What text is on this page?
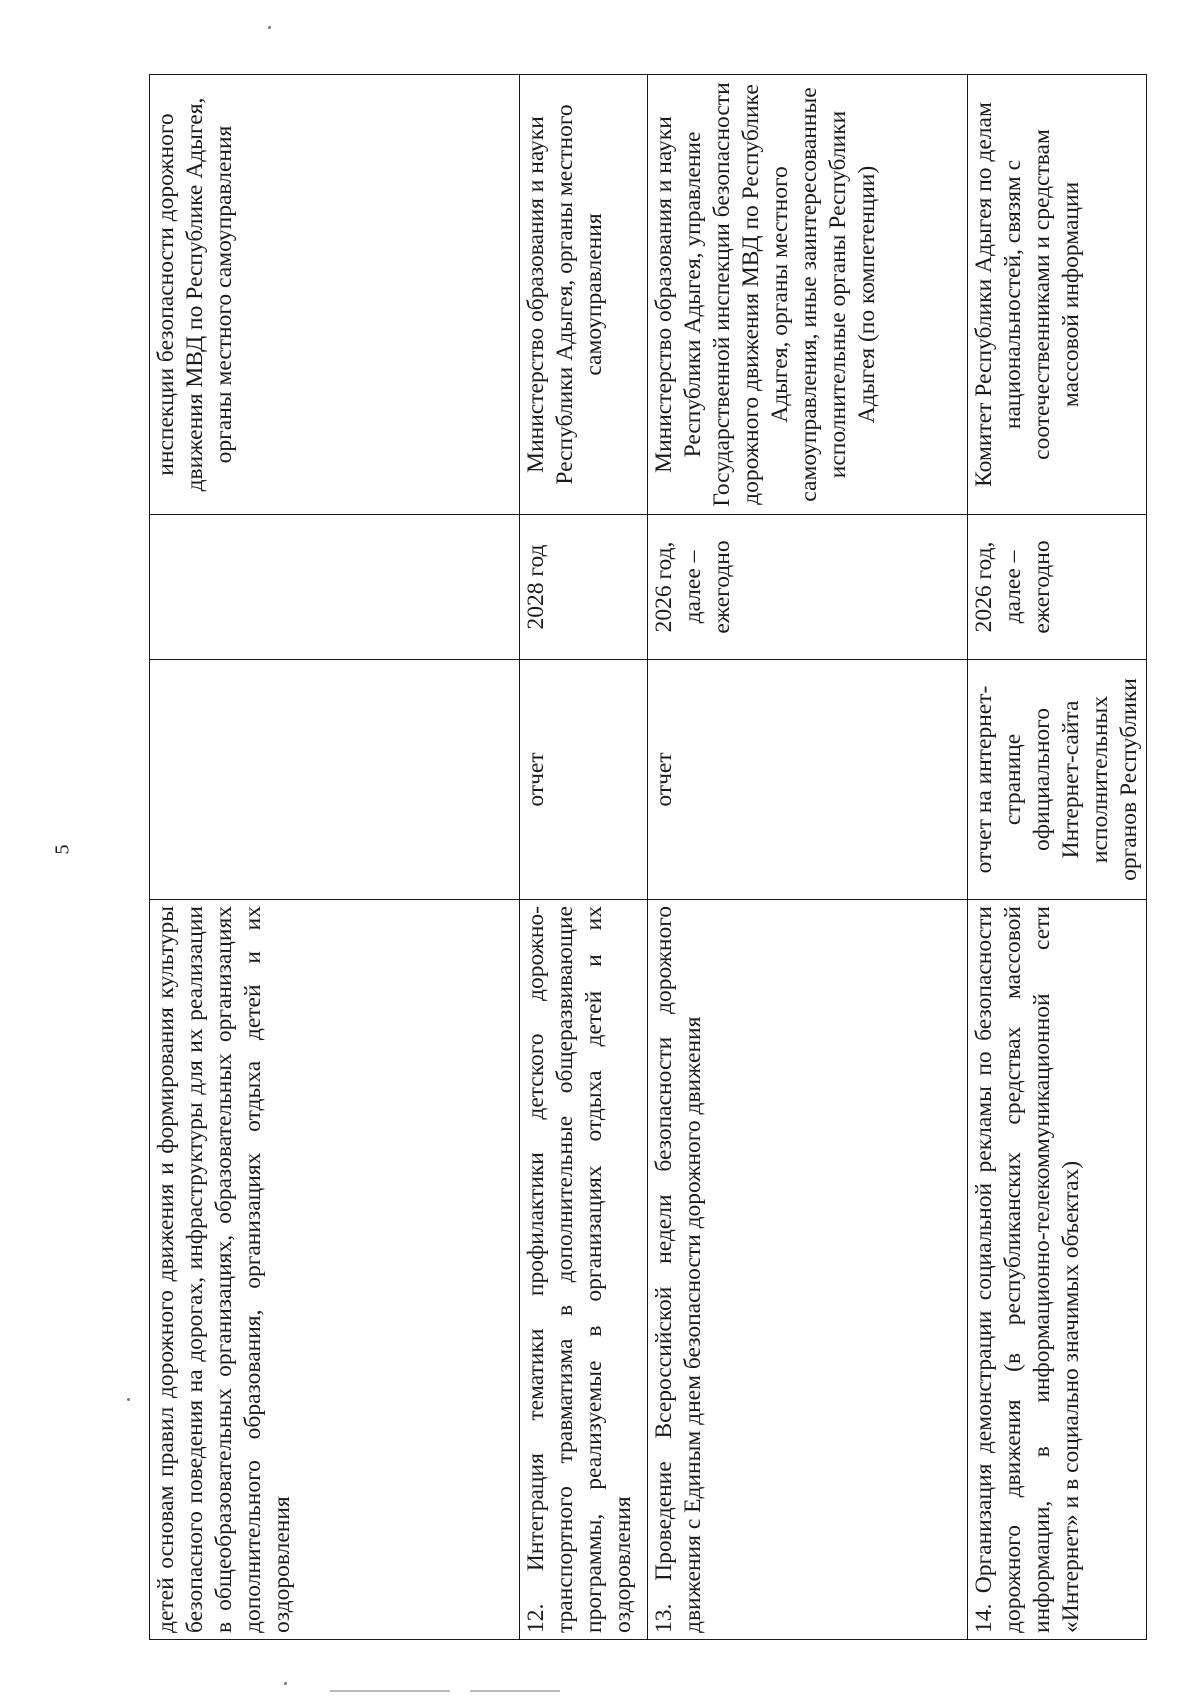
5
детей основам правил дорожного движения и формирования культуры безопасного поведения на дорогах, инфраструктуры для их реализации в общеобразовательных организациях, образовательных организациях дополнительного образования, организациях отдыха детей и их оздоровления			инспекции безопасности дорожного движения МВД по Республике Адыгея, органы местного самоуправления
12. Интеграция тематики профилактики детского дорожно-транспортного травматизма в дополнительные общеразвивающие программы, реализуемые в организациях отдыха детей и их оздоровления	отчет	2028 год	Министерство образования и науки Республики Адыгея, органы местного самоуправления
13. Проведение Всероссийской недели безопасности дорожного движения с Единым днем безопасности дорожного движения	отчет	2026 год, далее – ежегодно	Министерство образования и науки Республики Адыгея, управление Государственной инспекции безопасности дорожного движения МВД по Республике Адыгея, органы местного самоуправления, иные заинтересованные исполнительные органы Республики Адыгея (по компетенции)
14. Организация демонстрации социальной рекламы по безопасности дорожного движения (в республиканских средствах массовой информации, в информационно-телекоммуникационной сети «Интернет» и в социально значимых объектах)	отчет на интернет-странице официального Интернет-сайта исполнительных органов Республики	2026 год, далее – ежегодно	Комитет Республики Адыгея по делам национальностей, связям с соотечественниками и средствам массовой информации
